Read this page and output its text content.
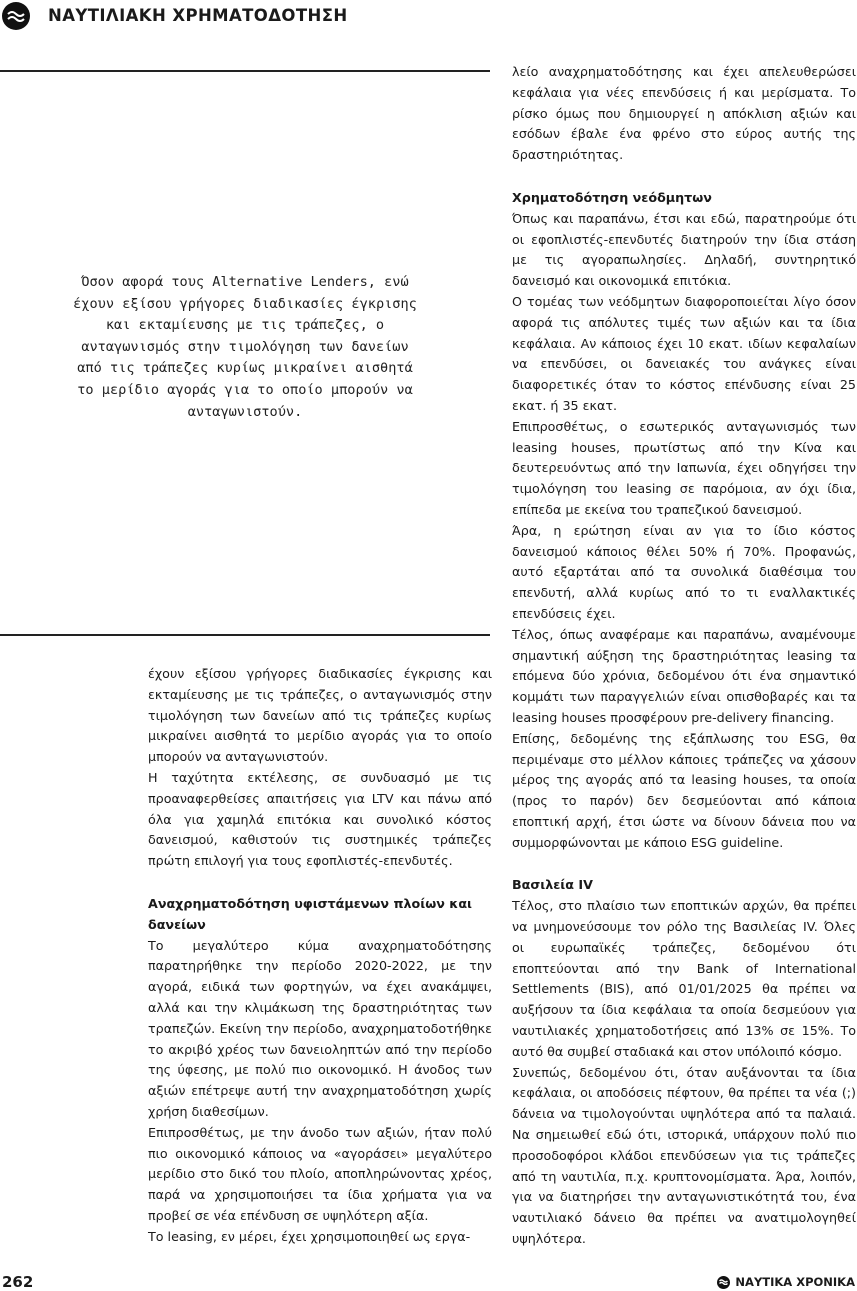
ΝΑΥΤΙΛΙΑΚΗ ΧΡΗΜΑΤΟΔΟΤΗΣΗ
Όσον αφορά τους Alternative Lenders, ενώ έχουν εξίσου γρήγορες διαδικασίες έγκρισης και εκταμίευσης με τις τράπεζες, ο ανταγωνισμός στην τιμολόγηση των δανείων από τις τράπεζες κυρίως μικραίνει αισθητά το μερίδιο αγοράς για το οποίο μπορούν να ανταγωνιστούν.

έχουν εξίσου γρήγορες διαδικασίες έγκρισης και εκταμίευσης με τις τράπεζες, ο ανταγωνισμός στην τιμολόγηση των δανείων από τις τράπεζες κυρίως μικραίνει αισθητά το μερίδιο αγοράς για το οποίο μπορούν να ανταγωνιστούν.

Η ταχύτητα εκτέλεσης, σε συνδυασμό με τις προαναφερθείσες απαιτήσεις για LTV και πάνω από όλα για χαμηλά επιτόκια και συνολικό κόστος δανεισμού, καθιστούν τις συστημικές τράπεζες πρώτη επιλογή για τους εφοπλιστές-επενδυτές.

Αναχρηματοδότηση υφιστάμενων πλοίων και δανείων

Το μεγαλύτερο κύμα αναχρηματοδότησης παρατηρήθηκε την περίοδο 2020-2022, με την αγορά, ειδικά των φορτηγών, να έχει ανακάμψει, αλλά και την κλιμάκωση της δραστηριότητας των τραπεζών. Εκείνη την περίοδο, αναχρηματοδοτήθηκε το ακριβό χρέος των δανειοληπτών από την περίοδο της ύφεσης, με πολύ πιο οικονομικό. Η άνοδος των αξιών επέτρεψε αυτή την αναχρηματοδότηση χωρίς χρήση διαθεσίμων.

Επιπροσθέτως, με την άνοδο των αξιών, ήταν πολύ πιο οικονομικό κάποιος να «αγοράσει» μεγαλύτερο μερίδιο στο δικό του πλοίο, αποπληρώνοντας χρέος, παρά να χρησιμοποιήσει τα ίδια χρήματα για να προβεί σε νέα επένδυση σε υψηλότερη αξία.

Το leasing, εν μέρει, έχει χρησιμοποιηθεί ως εργα-

λείο αναχρηματοδότησης και έχει απελευθερώσει κεφάλαια για νέες επενδύσεις ή και μερίσματα. Το ρίσκο όμως που δημιουργεί η απόκλιση αξιών και εσόδων έβαλε ένα φρένο στο εύρος αυτής της δραστηριότητας.

Χρηματοδότηση νεόδμητων

Όπως και παραπάνω, έτσι και εδώ, παρατηρούμε ότι οι εφοπλιστές-επενδυτές διατηρούν την ίδια στάση με τις αγοραπωλησίες. Δηλαδή, συντηρητικό δανεισμό και οικονομικά επιτόκια.

Ο τομέας των νεόδμητων διαφοροποιείται λίγο όσον αφορά τις απόλυτες τιμές των αξιών και τα ίδια κεφάλαια. Αν κάποιος έχει 10 εκατ. ιδίων κεφαλαίων να επενδύσει, οι δανειακές του ανάγκες είναι διαφορετικές όταν το κόστος επένδυσης είναι 25 εκατ. ή 35 εκατ.

Επιπροσθέτως, ο εσωτερικός ανταγωνισμός των leasing houses, πρωτίστως από την Κίνα και δευτερευόντως από την Ιαπωνία, έχει οδηγήσει την τιμολόγηση του leasing σε παρόμοια, αν όχι ίδια, επίπεδα με εκείνα του τραπεζικού δανεισμού.

Άρα, η ερώτηση είναι αν για το ίδιο κόστος δανεισμού κάποιος θέλει 50% ή 70%. Προφανώς, αυτό εξαρτάται από τα συνολικά διαθέσιμα του επενδυτή, αλλά κυρίως από το τι εναλλακτικές επενδύσεις έχει.

Τέλος, όπως αναφέραμε και παραπάνω, αναμένουμε σημαντική αύξηση της δραστηριότητας leasing τα επόμενα δύο χρόνια, δεδομένου ότι ένα σημαντικό κομμάτι των παραγγελιών είναι οπισθοβαρές και τα leasing houses προσφέρουν pre-delivery financing.

Επίσης, δεδομένης της εξάπλωσης του ESG, θα περιμέναμε στο μέλλον κάποιες τράπεζες να χάσουν μέρος της αγοράς από τα leasing houses, τα οποία (προς το παρόν) δεν δεσμεύονται από κάποια εποπτική αρχή, έτσι ώστε να δίνουν δάνεια που να συμμορφώνονται με κάποιο ESG guideline.

Βασιλεία IV

Τέλος, στο πλαίσιο των εποπτικών αρχών, θα πρέπει να μνημονεύσουμε τον ρόλο της Βασιλείας IV. Όλες οι ευρωπαϊκές τράπεζες, δεδομένου ότι εποπτεύονται από την Bank of International Settlements (BIS), από 01/01/2025 θα πρέπει να αυξήσουν τα ίδια κεφάλαια τα οποία δεσμεύουν για ναυτιλιακές χρηματοδοτήσεις από 13% σε 15%. Το αυτό θα συμβεί σταδιακά και στον υπόλοιπό κόσμο.

Συνεπώς, δεδομένου ότι, όταν αυξάνονται τα ίδια κεφάλαια, οι αποδόσεις πέφτουν, θα πρέπει τα νέα (;) δάνεια να τιμολογούνται υψηλότερα από τα παλαιά. Να σημειωθεί εδώ ότι, ιστορικά, υπάρχουν πολύ πιο προσοδοφόροι κλάδοι επενδύσεων για τις τράπεζες από τη ναυτιλία, π.χ. κρυπτονομίσματα. Άρα, λοιπόν, για να διατηρήσει την ανταγωνιστικότητά του, ένα ναυτιλιακό δάνειο θα πρέπει να ανατιμολογηθεί υψηλότερα.

262	ΝΑΥΤΙΚΑ ΧΡΟΝΙΚΑ
